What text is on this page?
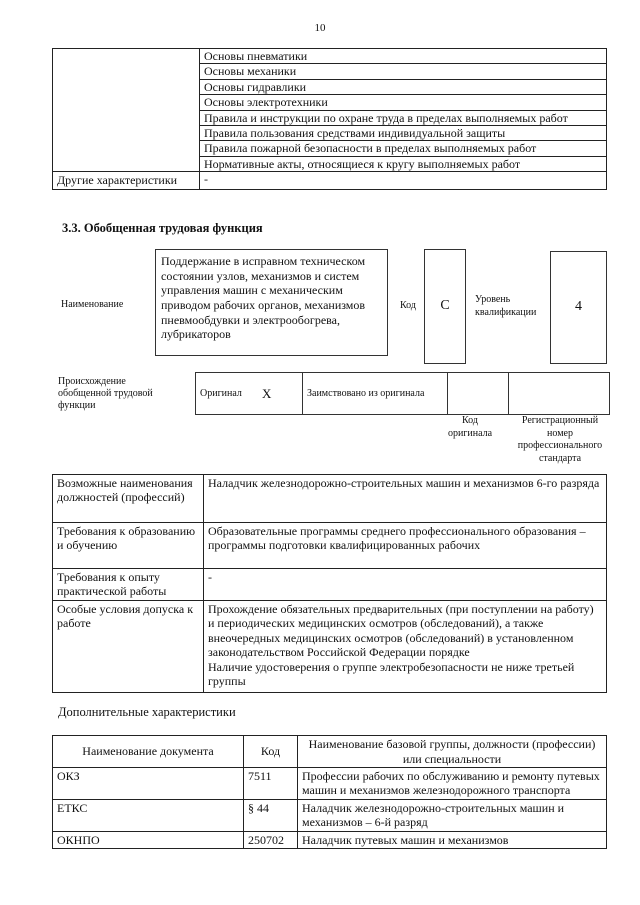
10
	Основы пневматики
	Основы механики
	Основы гидравлики
	Основы электротехники
	Правила и инструкции по охране труда в пределах выполняемых работ
	Правила пользования средствами индивидуальной защиты
	Правила пожарной безопасности в пределах выполняемых работ
	Нормативные акты, относящиеся к кругу выполняемых работ
Другие характеристики	-
3.3. Обобщенная трудовая функция
Наименование
Поддержание в исправном техническом состоянии узлов, механизмов и систем управления машин с механическим приводом рабочих органов, механизмов пневмообдувки и электрообогрева, лубрикаторов
Код C	Уровень квалификации	4
Происхождение обобщенной трудовой функции
Оригинал	X	Заимствовано из оригинала		
Код оригинала
Регистрационный номер профессионального стандарта
Возможные наименования должностей (профессий)	Наладчик железнодорожно-строительных машин и механизмов 6-го разряда
Требования к образованию и обучению	Образовательные программы среднего профессионального образования – программы подготовки квалифицированных рабочих
Требования к опыту практической работы	-
Особые условия допуска к работе	Прохождение обязательных предварительных (при поступлении на работу) и периодических медицинских осмотров (обследований), а также внеочередных медицинских осмотров (обследований) в установленном законодательством Российской Федерации порядке
Наличие удостоверения о группе электробезопасности не ниже третьей группы
Дополнительные характеристики
Наименование документа	Код	Наименование базовой группы, должности (профессии) или специальности
ОКЗ	7511	Профессии рабочих по обслуживанию и ремонту путевых машин и механизмов железнодорожного транспорта
ЕТКС	§ 44	Наладчик железнодорожно-строительных машин и механизмов – 6-й разряд
ОКНПО	250702	Наладчик путевых машин и механизмов
